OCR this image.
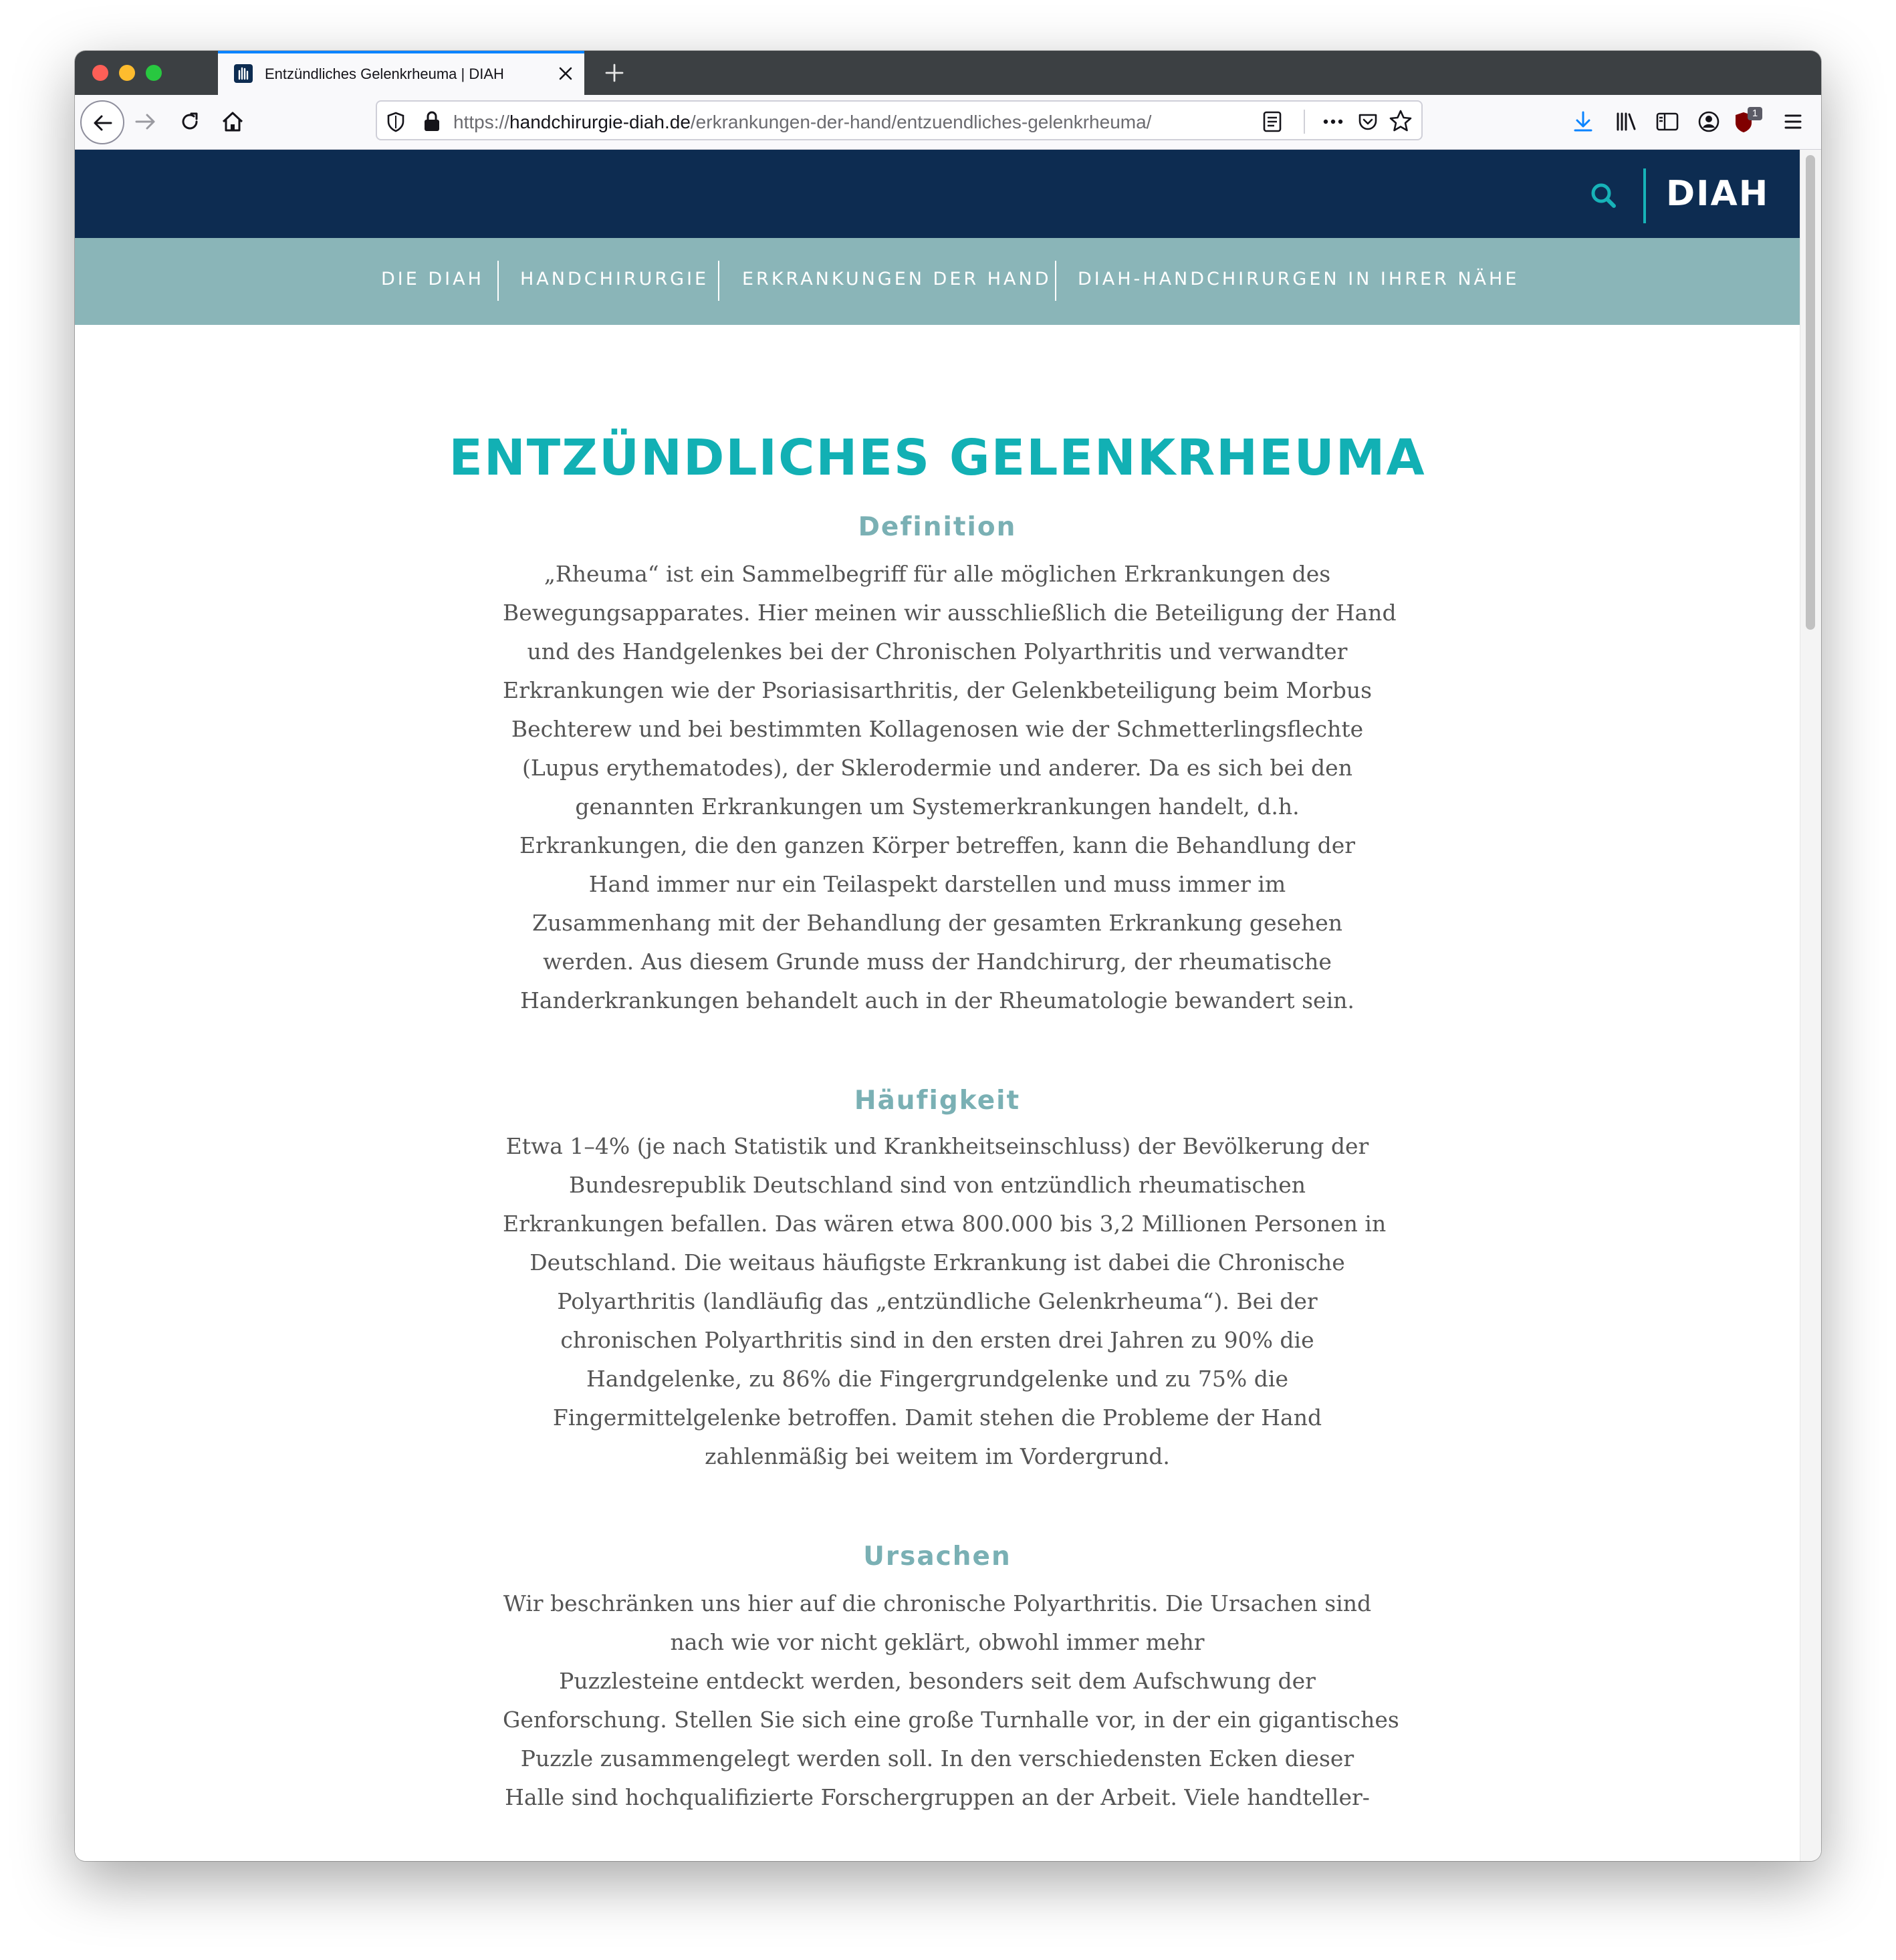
Entzündliches Gelenkrheuma | DIAH
https://handchirurgie-diah.de/erkrankungen-der-hand/entzuendliches-gelenkrheuma/	1
DIAH
DIE DIAH HANDCHIRURGIE ERKRANKUNGEN DER HAND DIAH-HANDCHIRURGEN IN IHRER NÄHE
ENTZÜNDLICHES GELENKRHEUMA
Definition
„Rheuma“ ist ein Sammelbegriff für alle möglichen Erkrankungen des
Bewegungsapparates. Hier meinen wir ausschließlich die Beteiligung der Hand
und des Handgelenkes bei der Chronischen Polyarthritis und verwandter
Erkrankungen wie der Psoriasisarthritis, der Gelenkbeteiligung beim Morbus
Bechterew und bei bestimmten Kollagenosen wie der Schmetterlingsflechte
(Lupus erythematodes), der Sklerodermie und anderer. Da es sich bei den
genannten Erkrankungen um Systemerkrankungen handelt, d.h.
Erkrankungen, die den ganzen Körper betreffen, kann die Behandlung der
Hand immer nur ein Teilaspekt darstellen und muss immer im
Zusammenhang mit der Behandlung der gesamten Erkrankung gesehen
werden. Aus diesem Grunde muss der Handchirurg, der rheumatische
Handerkrankungen behandelt auch in der Rheumatologie bewandert sein.
Häufigkeit
Etwa 1–4% (je nach Statistik und Krankheitseinschluss) der Bevölkerung der
Bundesrepublik Deutschland sind von entzündlich rheumatischen
Erkrankungen befallen. Das wären etwa 800.000 bis 3,2 Millionen Personen in
Deutschland. Die weitaus häufigste Erkrankung ist dabei die Chronische
Polyarthritis (landläufig das „entzündliche Gelenkrheuma“). Bei der
chronischen Polyarthritis sind in den ersten drei Jahren zu 90% die
Handgelenke, zu 86% die Fingergrundgelenke und zu 75% die
Fingermittelgelenke betroffen. Damit stehen die Probleme der Hand
zahlenmäßig bei weitem im Vordergrund.
Ursachen
Wir beschränken uns hier auf die chronische Polyarthritis. Die Ursachen sind
nach wie vor nicht geklärt, obwohl immer mehr
Puzzlesteine entdeckt werden, besonders seit dem Aufschwung der
Genforschung. Stellen Sie sich eine große Turnhalle vor, in der ein gigantisches
Puzzle zusammengelegt werden soll. In den verschiedensten Ecken dieser
Halle sind hochqualifizierte Forschergruppen an der Arbeit. Viele handteller-
